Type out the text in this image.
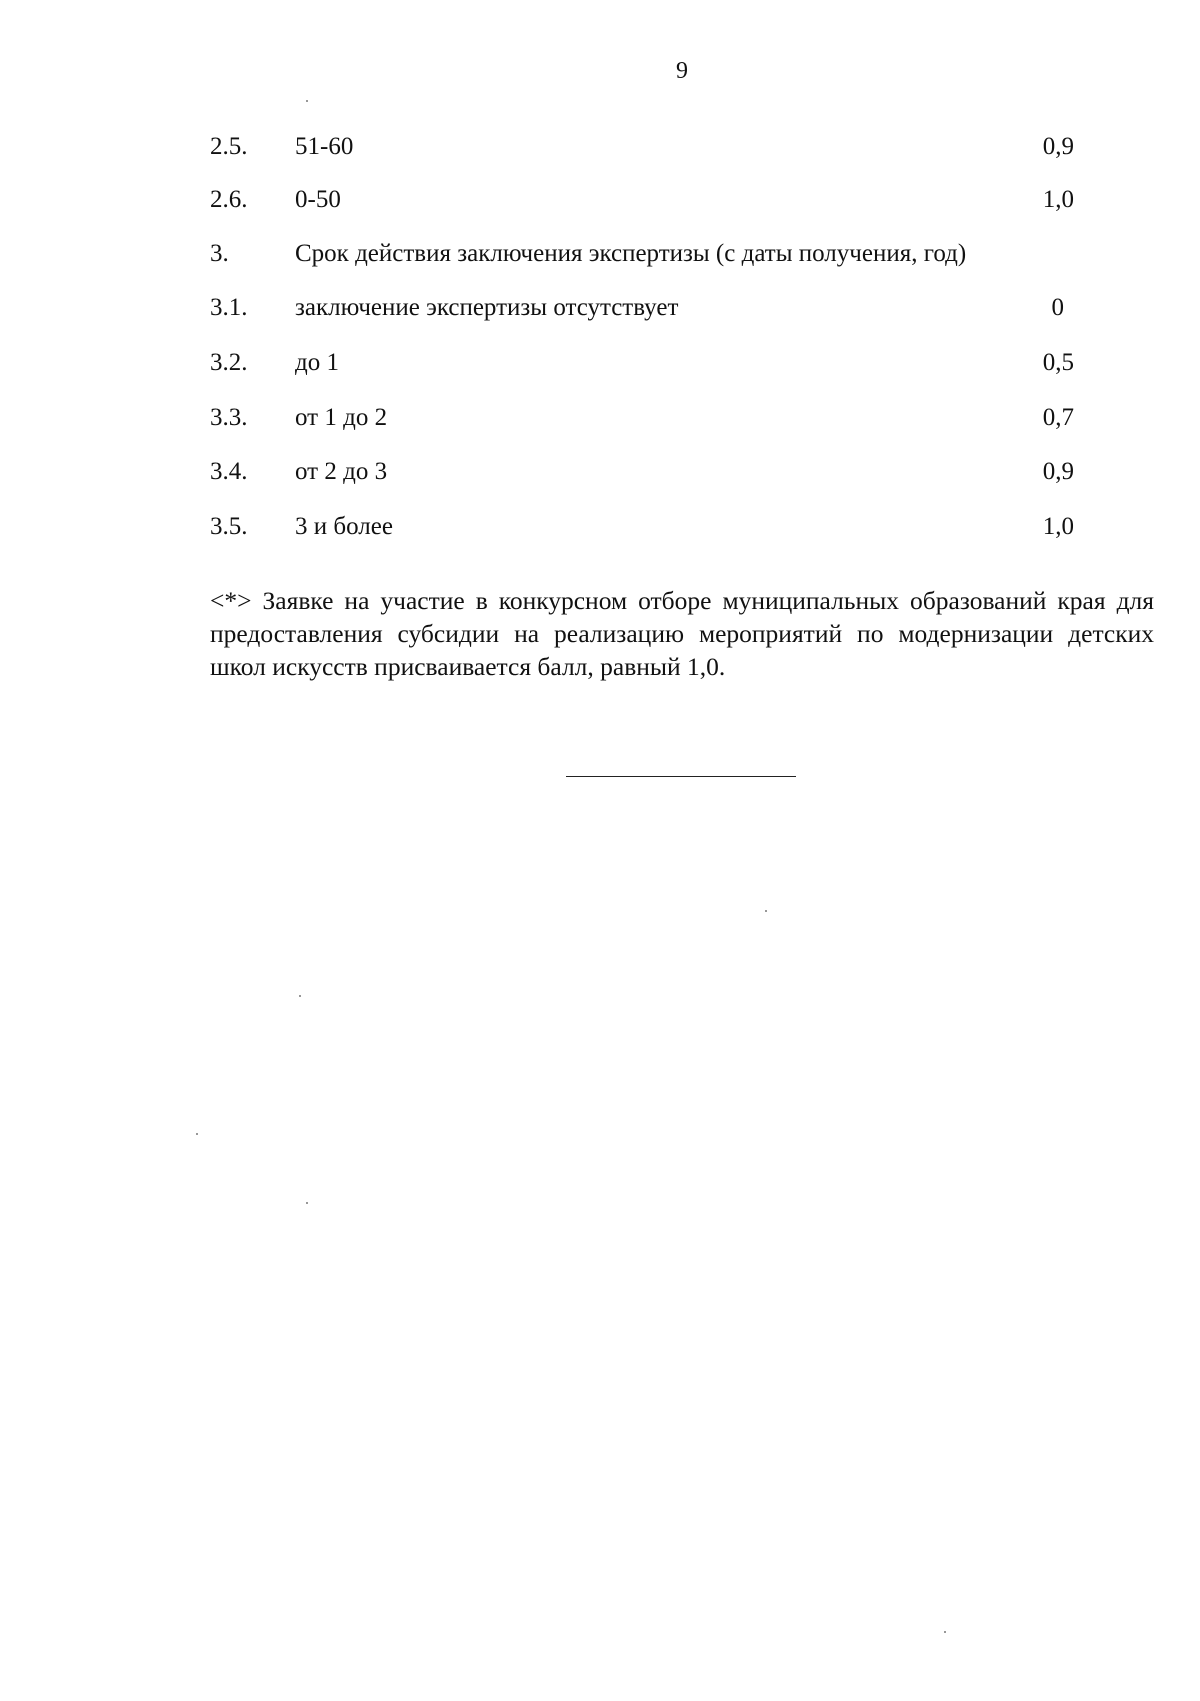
9
2.5. 51-60	0,9
2.6. 0-50	1,0
3.	Срок действия заключения экспертизы (с даты получения, год)
3.1. заключение экспертизы отсутствует	0
3.2. до 1	0,5
3.3. от 1 до 2	0,7
3.4. от 2 до 3	0,9
3.5. 3 и более	1,0

<*> Заявке на участие в конкурсном отборе муниципальных образований края для предоставления субсидии на реализацию мероприятий по модернизации детских школ искусств присваивается балл, равный 1,0.
